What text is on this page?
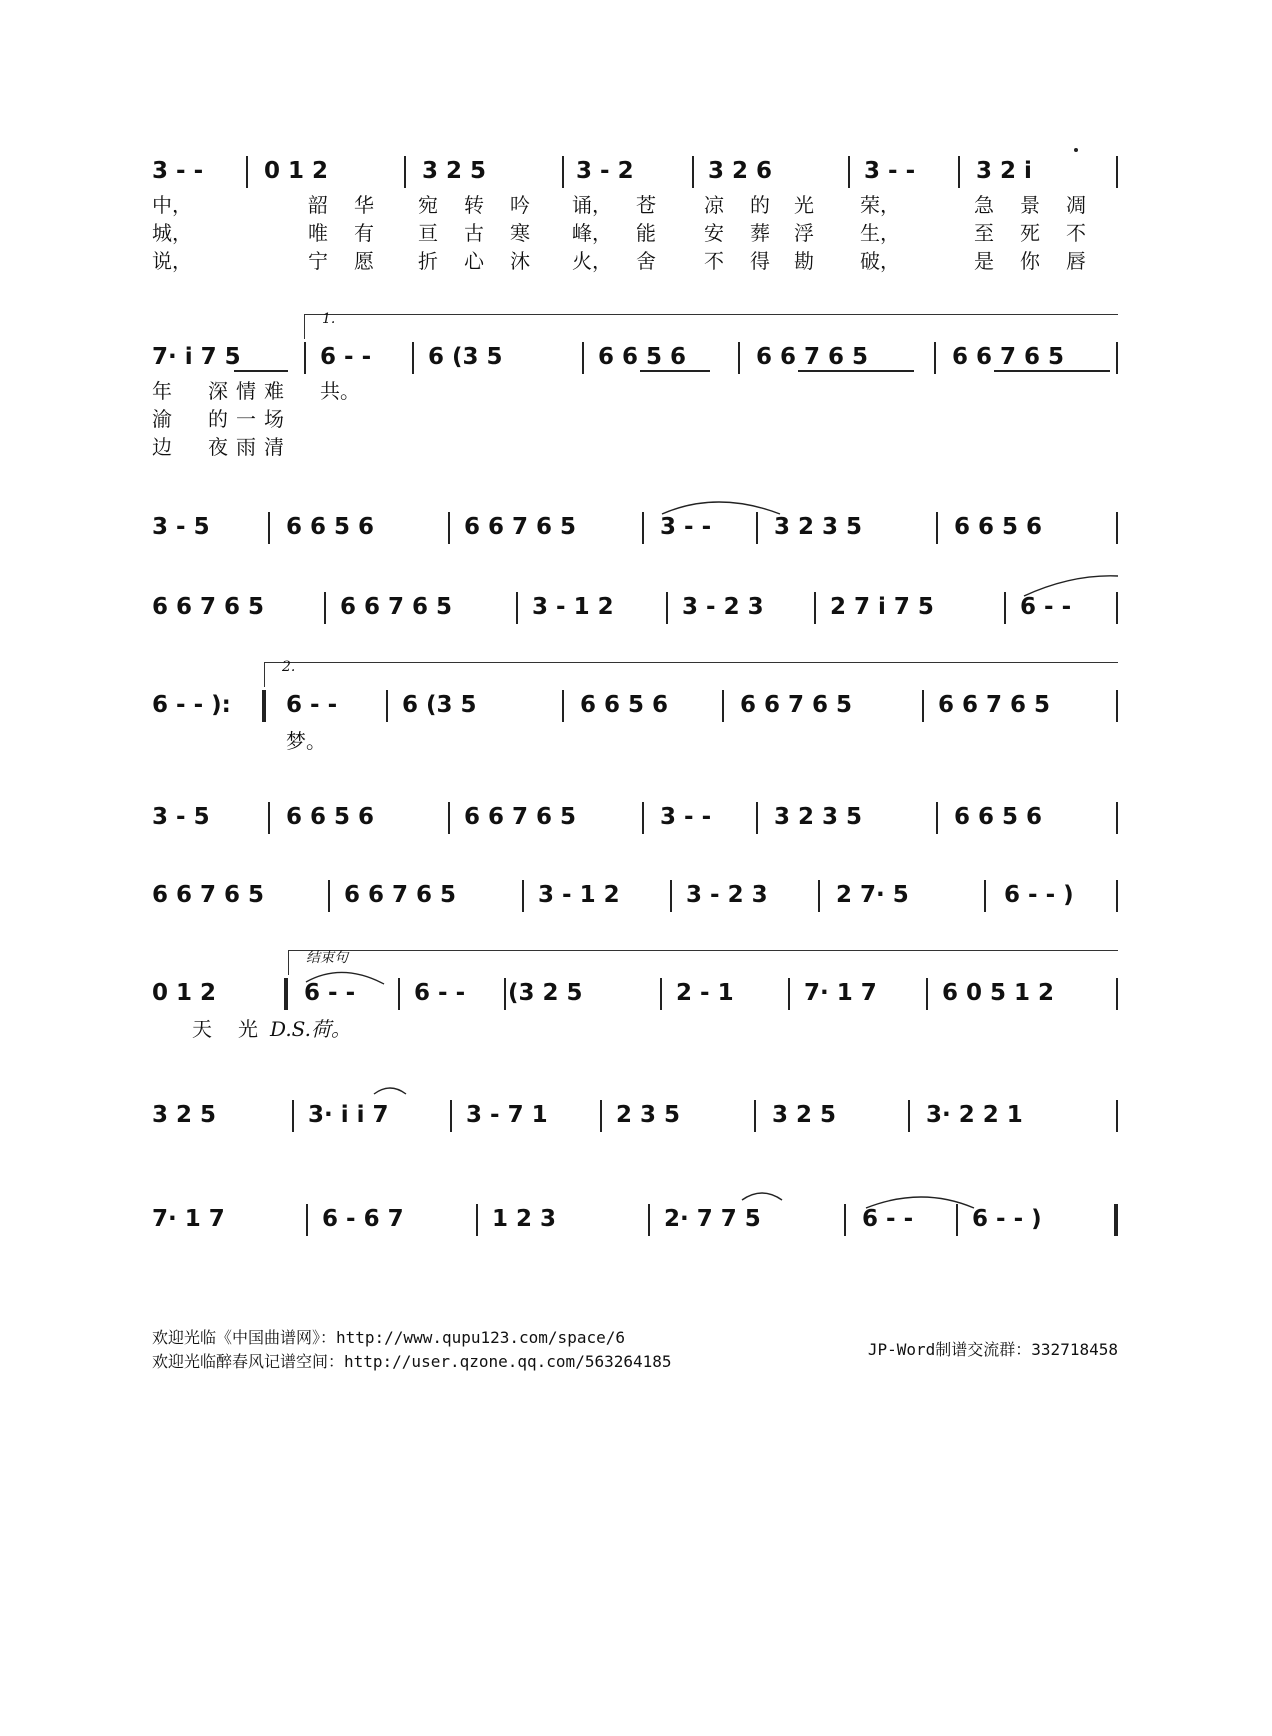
3 - -	0 1 2	3 2 5	3 - 2	3 2 6	3 - -	3 2 i
中，	韶 华 宛 转 吟 诵， 苍 凉 的 光 荣，	急 景 凋
城，	唯 有 亘 古 寒 峰， 能 安 葬 浮 生，	至 死 不
说，	宁 愿 折 心 沐 火， 舍 不 得 勘 破，	是 你 唇
1.
7· i 7 5	6 - - 6 (3 5	6 6 5 6	6 6 7 6 5	6 6 7 6 5
年 深 情 难 共。
渝 的 一 场
边 夜 雨 清
3 - 5	6 6 5 6	6 6 7 6 5	3 - -	3 2 3 5	6 6 5 6
6 6 7 6 5	6 6 7 6 5	3 - 1 2	3 - 2 3	2 7 i 7 5	6 - -
2.
6 - - ): 6 - -	6 (3 5	6 6 5 6	6 6 7 6 5	6 6 7 6 5
梦。
3 - 5	6 6 5 6	6 6 7 6 5	3 - -	3 2 3 5	6 6 5 6
6 6 7 6 5	6 6 7 6 5	3 - 1 2	3 - 2 3	2 7· 5	6 - - )
结束句
0 1 2	6 - -	6 - - (3 2 5	2 - 1	7· 1 7	6 0 5 1 2
天 光 D.S.荷。
3 2 5	3· i i 7	3 - 7 1	2 3 5	3 2 5	3· 2 2 1
7· 1 7	6 - 6 7	1 2 3	2· 7 7 5	6 - -	6 - - )
欢迎光临《中国曲谱网》：http://www.qupu123.com/space/6
欢迎光临醉春风记谱空间：http://user.qzone.qq.com/563264185
JP-Word制谱交流群：332718458
